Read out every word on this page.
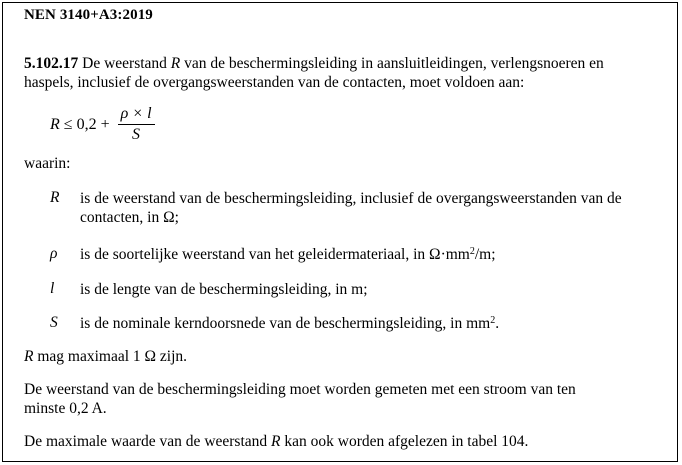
NEN 3140+A3:2019
5.102.17 De weerstand R van de beschermingsleiding in aansluitleidingen, verlengsnoeren en haspels, inclusief de overgangsweerstanden van de contacten, moet voldoen aan:
$R \le 0,2 + \frac{\rho \times l}{S}$
waarin:
R is de weerstand van de beschermingsleiding, inclusief de overgangsweerstanden van de contacten, in Ω;
ρ is de soortelijke weerstand van het geleidermateriaal, in $\Omega\cdot mm^2/m$;
l is de lengte van de beschermingsleiding, in m;
S is de nominale kerndoorsnede van de beschermingsleiding, in $mm^2$.
R mag maximaal 1 Ω zijn.
De weerstand van de beschermingsleiding moet worden gemeten met een stroom van ten minste 0,2 A.
De maximale waarde van de weerstand R kan ook worden afgelezen in tabel 104.
